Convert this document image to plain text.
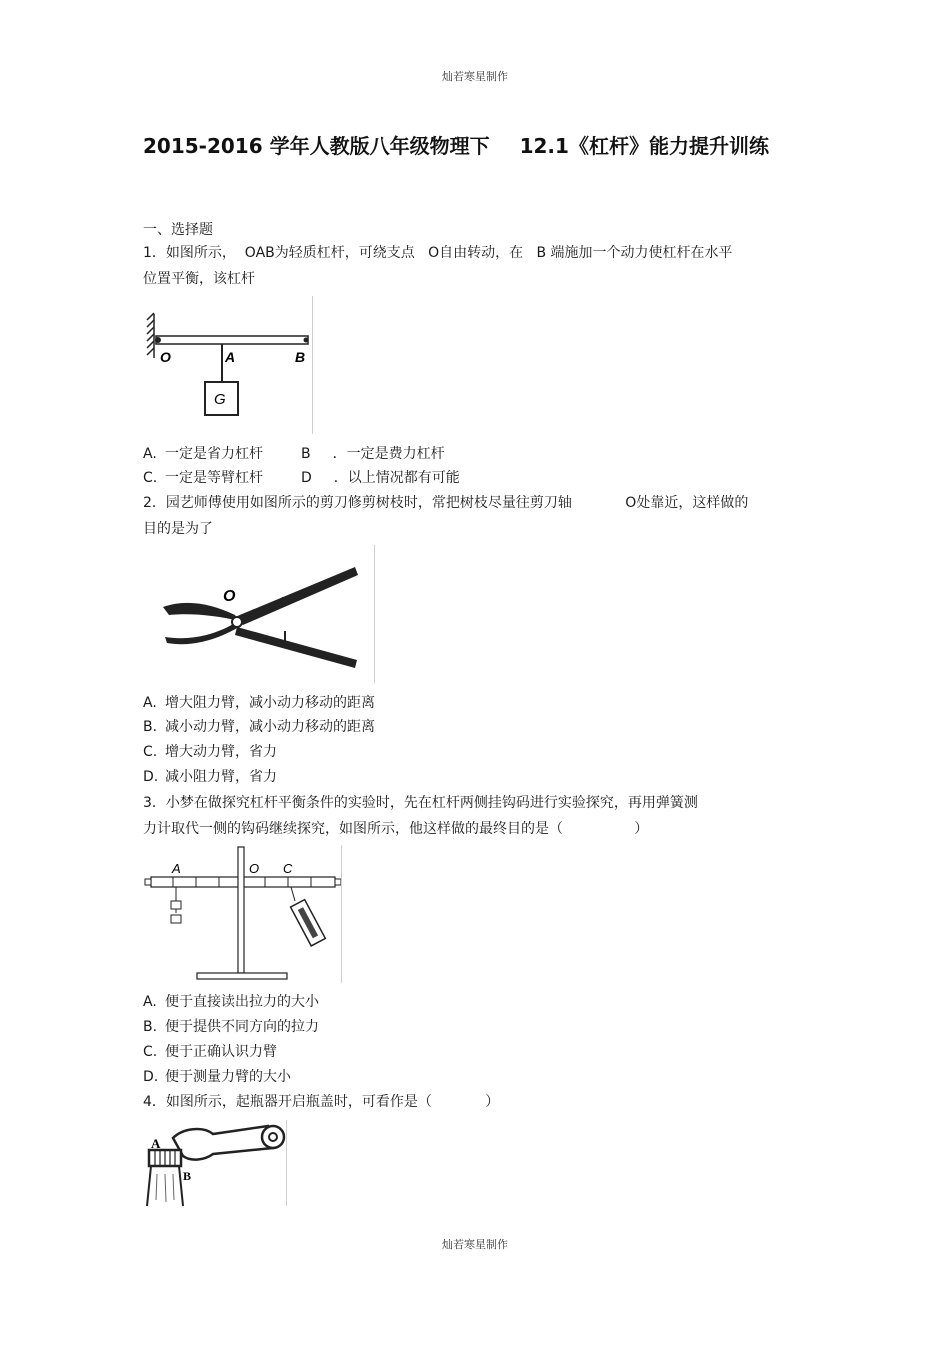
灿若寒星制作
2015-2016 学年人教版八年级物理下 12.1《杠杆》能力提升训练
一、选择题
1．如图所示，  OAB为轻质杠杆，可绕支点   O自由转动，在   B 端施加一个动力使杠杆在水平
位置平衡，该杠杆
O	A	B
G
A. 一定是省力杠杆	B ．一定是费力杠杆
C. 一定是等臂杠杆	D ．以上情况都有可能
2．园艺师傅使用如图所示的剪刀修剪树枝时，常把树枝尽量往剪刀轴            O处靠近，这样做的
目的是为了
O
A. 增大阻力臂，减小动力移动的距离
B. 减小动力臂，减小动力移动的距离
C. 增大动力臂，省力
D. 减小阻力臂，省力
3．小梦在做探究杠杆平衡条件的实验时，先在杠杆两侧挂钩码进行实验探究，再用弹簧测
力计取代一侧的钩码继续探究，如图所示，他这样做的最终目的是（                ）
A	O C
A. 便于直接读出拉力的大小
B. 便于提供不同方向的拉力
C. 便于正确认识力臂
D. 便于测量力臂的大小
4．如图所示，起瓶器开启瓶盖时，可看作是（            ）
A
B
灿若寒星制作
